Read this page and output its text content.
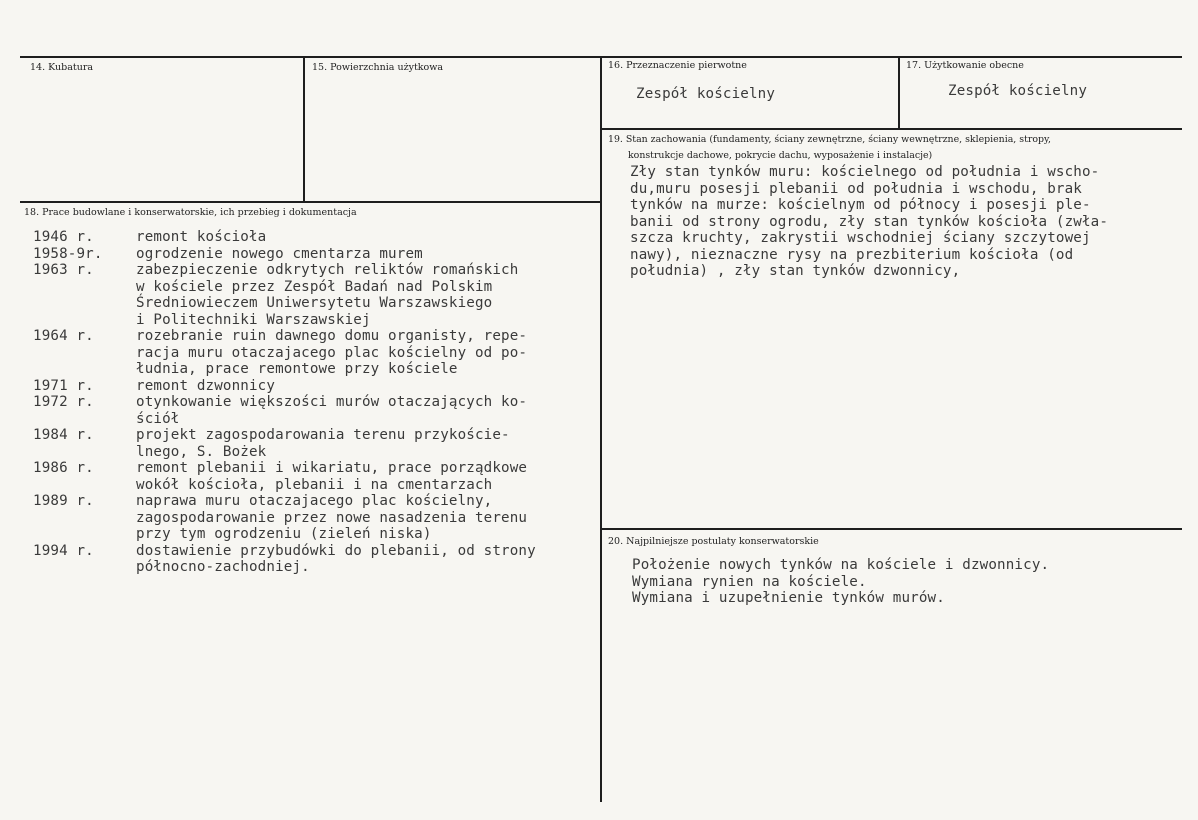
14. Kubatura	15. Powierzchnia użytkowa	16. Przeznaczenie pierwotne
Zespół kościelny
17. Użytkowanie obecne
Zespół kościelny
19. Stan zachowania (fundamenty, ściany zewnętrzne, ściany wewnętrzne, sklepienia, stropy,
konstrukcje dachowe, pokrycie dachu, wyposażenie i instalacje)
Zły stan tynków muru: kościelnego od południa i wscho-
du,muru posesji plebanii od południa i wschodu, brak
tynków na murze: kościelnym od północy i posesji ple-
banii od strony ogrodu, zły stan tynków kościoła (zwła-
szcza kruchty, zakrystii wschodniej ściany szczytowej
nawy), nieznaczne rysy na prezbiterium kościoła (od
południa) , zły stan tynków dzwonnicy,
18. Prace budowlane i konserwatorskie, ich przebieg i dokumentacja
1946 r.	remont kościoła
1958-9r.	ogrodzenie nowego cmentarza murem
1963 r.	zabezpieczenie odkrytych reliktów romańskich
w kościele przez Zespół Badań nad Polskim
Średniowieczem Uniwersytetu Warszawskiego
i Politechniki Warszawskiej
1964 r.	rozebranie ruin dawnego domu organisty, repe-
racja muru otaczajacego plac kościelny od po-
łudnia, prace remontowe przy kościele
1971 r.	remont dzwonnicy
1972 r.	otynkowanie większości murów otaczających ko-
ściół
1984 r.	projekt zagospodarowania terenu przykoście-
lnego, S. Bożek
1986 r.	remont plebanii i wikariatu, prace porządkowe
wokół kościoła, plebanii i na cmentarzach
1989 r.	naprawa muru otaczajacego plac kościelny,
zagospodarowanie przez nowe nasadzenia terenu
przy tym ogrodzeniu (zieleń niska)
1994 r.	dostawienie przybudówki do plebanii, od strony
północno-zachodniej.
20. Najpilniejsze postulaty konserwatorskie
Położenie nowych tynków na kościele i dzwonnicy.
Wymiana rynien na kościele.
Wymiana i uzupełnienie tynków murów.
